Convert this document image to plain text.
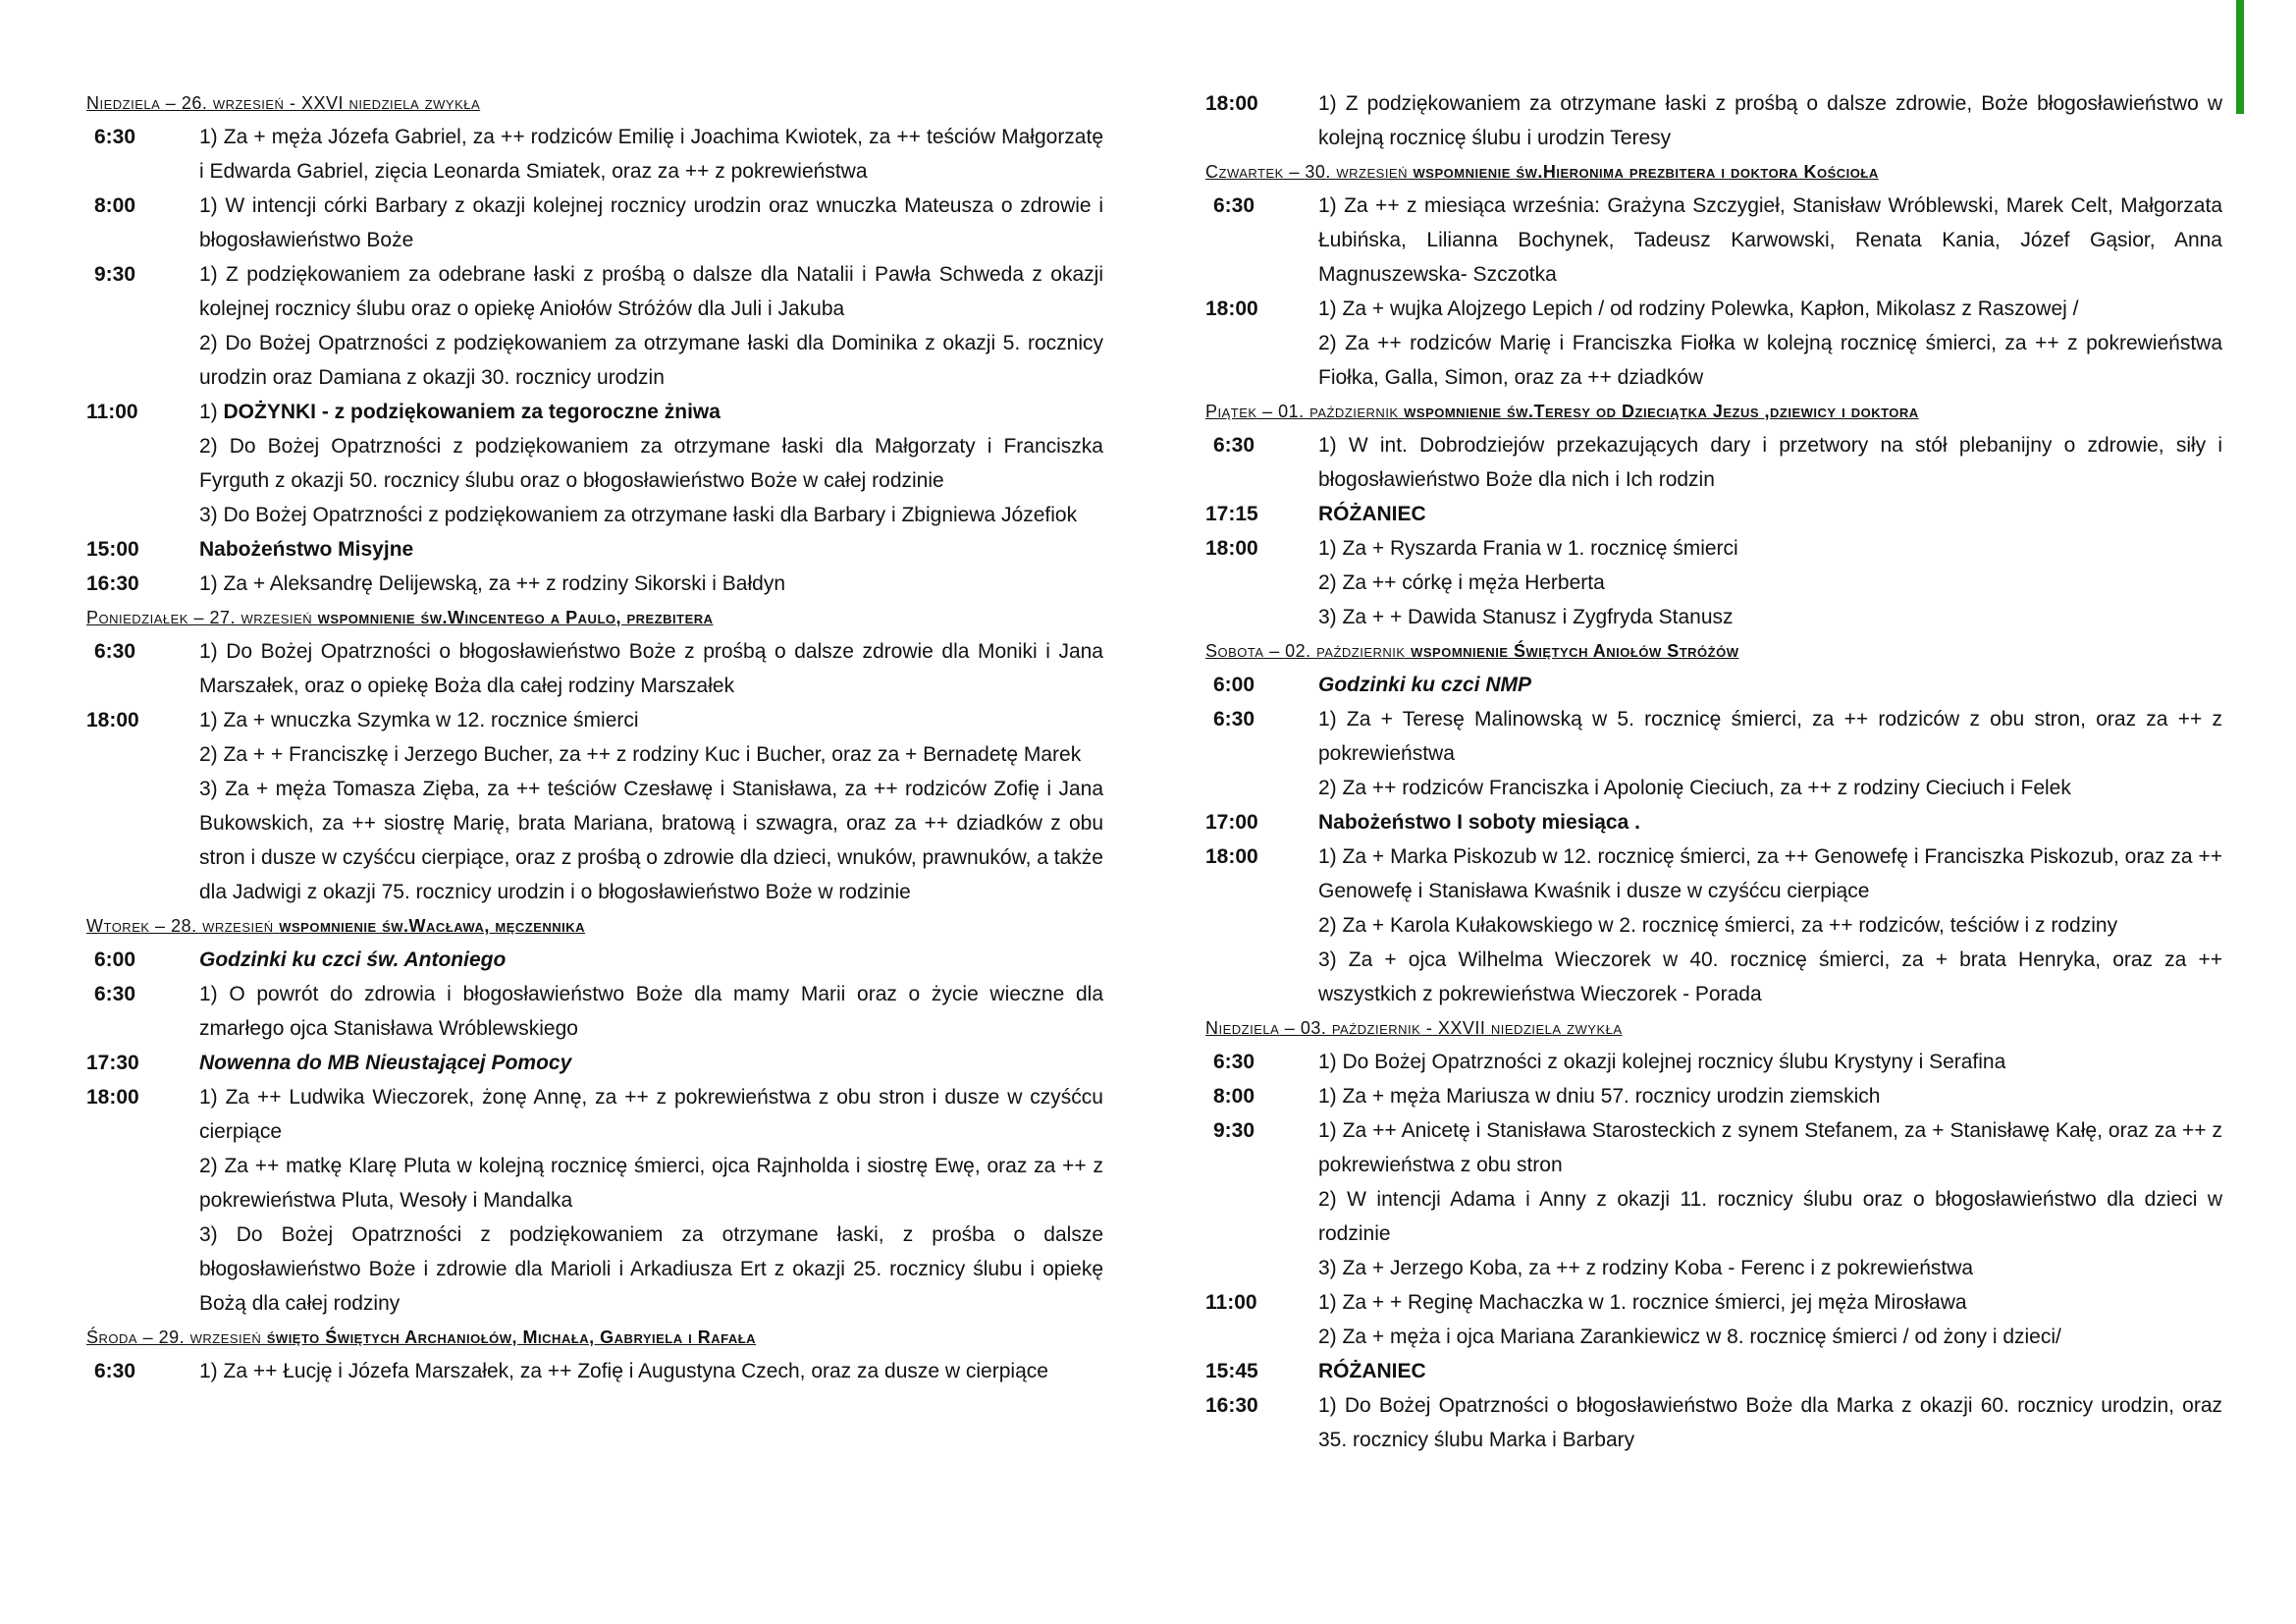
Niedziela – 26. wrzesień - XXVI niedziela zwykła
6:30	1) Za + męża Józefa Gabriel, za ++ rodziców Emilię i Joachima Kwiotek, za ++ teściów Małgorzatę i Edwarda Gabriel, zięcia Leonarda Smiatek, oraz za ++ z pokrewieństwa
8:00	1) W intencji córki Barbary z okazji kolejnej rocznicy urodzin oraz wnuczka Mateusza o zdrowie i błogosławieństwo Boże
9:30	1) Z podziękowaniem za odebrane łaski z prośbą o dalsze dla Natalii i Pawła Schweda z okazji kolejnej rocznicy ślubu oraz o opiekę Aniołów Stróżów dla Juli i Jakuba
2) Do Bożej Opatrzności z podziękowaniem za otrzymane łaski dla Dominika z okazji 5. rocznicy urodzin oraz Damiana z okazji 30. rocznicy urodzin
11:00	1) DOŻYNKI - z podziękowaniem za tegoroczne żniwa
2) Do Bożej Opatrzności z podziękowaniem za otrzymane łaski dla Małgorzaty i Franciszka Fyrguth z okazji 50. rocznicy ślubu oraz o błogosławieństwo Boże w całej rodzinie
3) Do Bożej Opatrzności z podziękowaniem za otrzymane łaski dla Barbary i Zbigniewa Józefiok
15:00	Nabożeństwo Misyjne
16:30	1) Za + Aleksandrę Delijewską, za ++ z rodziny Sikorski i Bałdyn
Poniedziałek – 27. wrzesień wspomnienie św.Wincentego a Paulo, prezbitera
6:30	1) Do Bożej Opatrzności o błogosławieństwo Boże z prośbą o dalsze zdrowie dla Moniki i Jana Marszałek, oraz o opiekę Boża dla całej rodziny Marszałek
18:00	1) Za + wnuczka Szymka w 12. rocznice śmierci
2) Za + + Franciszkę i Jerzego Bucher, za ++ z rodziny Kuc i Bucher, oraz za + Bernadetę Marek
3) Za + męża Tomasza Zięba, za ++ teściów Czesławę i Stanisława, za ++ rodziców Zofię i Jana Bukowskich, za ++ siostrę Marię, brata Mariana, bratową i szwagra, oraz za ++ dziadków z obu stron i dusze w czyśćcu cierpiące, oraz z prośbą o zdrowie dla dzieci, wnuków, prawnuków, a także dla Jadwigi z okazji 75. rocznicy urodzin i o błogosławieństwo Boże w rodzinie
Wtorek – 28. wrzesień wspomnienie św.Wacława, męczennika
6:00	Godzinki ku czci św. Antoniego
6:30	1) O powrót do zdrowia i błogosławieństwo Boże dla mamy Marii oraz o życie wieczne dla zmarłego ojca Stanisława Wróblewskiego
17:30	Nowenna do MB Nieustającej Pomocy
18:00	1) Za ++ Ludwika Wieczorek, żonę Annę, za ++ z pokrewieństwa z obu stron i dusze w czyśćcu cierpiące
2) Za ++ matkę Klarę Pluta w kolejną rocznicę śmierci, ojca Rajnholda i siostrę Ewę, oraz za ++ z pokrewieństwa Pluta, Wesoły i Mandalka
3) Do Bożej Opatrzności z podziękowaniem za otrzymane łaski, z prośba o dalsze błogosławieństwo Boże i zdrowie dla Marioli i Arkadiusza Ert z okazji 25. rocznicy ślubu i opiekę Bożą dla całej rodziny
Środa – 29. wrzesień święto Świętych Archaniołów, Michała, Gabryiela i Rafała
6:30	1) Za ++ Łucję i Józefa Marszałek, za ++ Zofię i Augustyna Czech, oraz za dusze w cierpiące
18:00	1) Z podziękowaniem za otrzymane łaski z prośbą o dalsze zdrowie, Boże błogosławieństwo w kolejną rocznicę ślubu i urodzin Teresy
Czwartek – 30. wrzesień wspomnienie św.Hieronima prezbitera i doktora Kościoła
6:30	1) Za ++ z miesiąca września: Grażyna Szczygieł, Stanisław Wróblewski, Marek Celt, Małgorzata Łubińska, Lilianna Bochynek, Tadeusz Karwowski, Renata Kania, Józef Gąsior, Anna Magnuszewska- Szczotka
18:00	1) Za + wujka Alojzego Lepich / od rodziny Polewka, Kapłon, Mikolasz z Raszowej /
2) Za ++ rodziców Marię i Franciszka Fiołka w kolejną rocznicę śmierci, za ++ z pokrewieństwa Fiołka, Galla, Simon, oraz za ++ dziadków
Piątek – 01. październik wspomnienie św.Teresy od Dzieciątka Jezus ,dziewicy i doktora
6:30	1) W int. Dobrodziejów przekazujących dary i przetwory na stół plebanijny o zdrowie, siły i błogosławieństwo Boże dla nich i Ich rodzin
17:15	RÓŻANIEC
18:00	1) Za + Ryszarda Frania w 1. rocznicę śmierci
2) Za ++ córkę i męża Herberta
3) Za + + Dawida Stanusz i Zygfryda Stanusz
Sobota – 02. październik wspomnienie Świętych Aniołów Stróżów
6:00	Godzinki ku czci NMP
6:30	1) Za + Teresę Malinowską w 5. rocznicę śmierci, za ++ rodziców z obu stron, oraz za ++ z pokrewieństwa
2) Za ++ rodziców Franciszka i Apolonię Cieciuch, za ++ z rodziny Cieciuch i Felek
17:00	Nabożeństwo I soboty miesiąca .
18:00	1) Za + Marka Piskozub w 12. rocznicę śmierci, za ++ Genowefę i Franciszka Piskozub, oraz za ++ Genowefę i Stanisława Kwaśnik i dusze w czyśćcu cierpiące
2) Za + Karola Kułakowskiego w 2. rocznicę śmierci, za ++ rodziców, teściów i z rodziny
3) Za + ojca Wilhelma Wieczorek w 40. rocznicę śmierci, za + brata Henryka, oraz za ++ wszystkich z pokrewieństwa Wieczorek - Porada
Niedziela – 03. październik - XXVII niedziela zwykła
6:30	1) Do Bożej Opatrzności z okazji kolejnej rocznicy ślubu Krystyny i Serafina
8:00	1) Za + męża Mariusza w dniu 57. rocznicy urodzin ziemskich
9:30	1) Za ++ Anicetę i Stanisława Starosteckich z synem Stefanem, za + Stanisławę Kałę, oraz za ++ z pokrewieństwa z obu stron
2) W intencji Adama i Anny z okazji 11. rocznicy ślubu oraz o błogosławieństwo dla dzieci w rodzinie
3) Za + Jerzego Koba, za ++ z rodziny Koba - Ferenc i z pokrewieństwa
11:00	1) Za + + Reginę Machaczka w 1. rocznice śmierci, jej męża Mirosława
2) Za + męża i ojca Mariana Zarankiewicz w 8. rocznicę śmierci / od żony i dzieci/
15:45	RÓŻANIEC
16:30	1) Do Bożej Opatrzności o błogosławieństwo Boże dla Marka z okazji 60. rocznicy urodzin, oraz 35. rocznicy ślubu Marka i Barbary
